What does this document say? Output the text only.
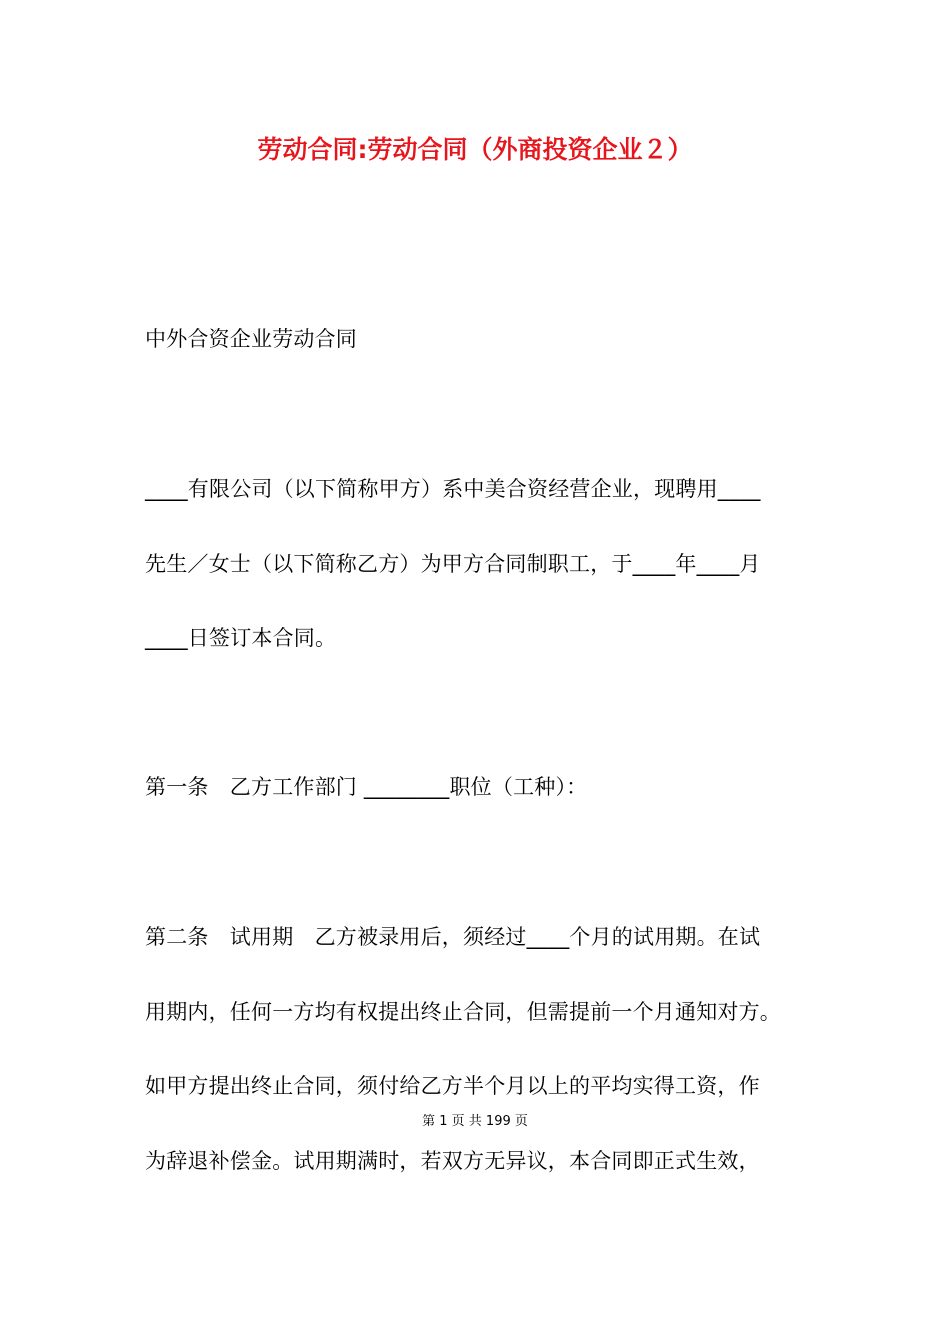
劳动合同:劳动合同（外商投资企业２）
中外合资企业劳动合同
____有限公司（以下简称甲方）系中美合资经营企业，现聘用____
先生／女士（以下简称乙方）为甲方合同制职工，于____年____月
____日签订本合同。
第一条　乙方工作部门 ________职位（工种）：
第二条　试用期　乙方被录用后，须经过____个月的试用期。在试
用期内，任何一方均有权提出终止合同，但需提前一个月通知对方。
如甲方提出终止合同，须付给乙方半个月以上的平均实得工资，作
第 1 页 共 199 页
为辞退补偿金。试用期满时，若双方无异议，本合同即正式生效，
